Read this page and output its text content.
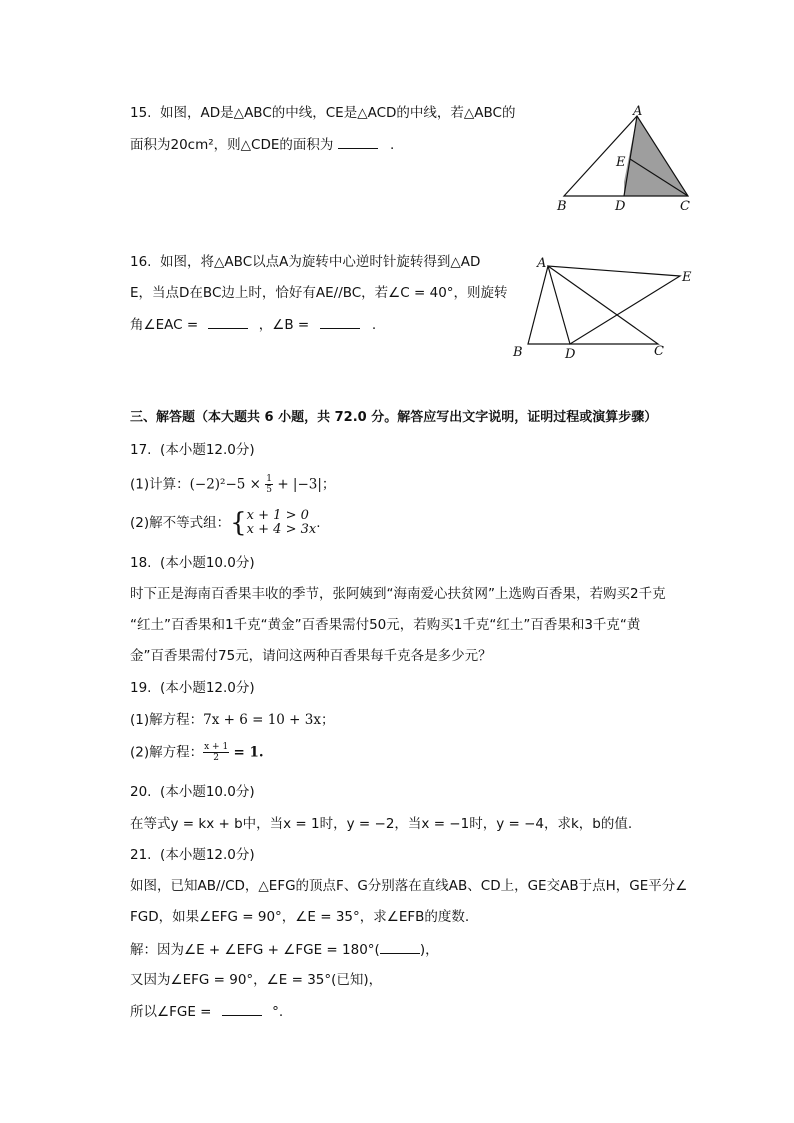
15.  如图，AD是△ABC的中线，CE是△ACD的中线，若△ABC的
面积为20cm²，则△CDE的面积为	.
A
E
B	D	C
16.  如图，将△ABC以点A为旋转中心逆时针旋转得到△AD
E，当点D在BC边上时，恰好有AE//BC，若∠C = 40°，则旋转
角∠EAC =	，∠B =	.
A
E
B	D	C
三、解答题（本大题共 6 小题，共 72.0 分。解答应写出文字说明，证明过程或演算步骤）
17.  (本小题12.0分)
(1)计算：$(-2)^2-5 \times \frac{1}{5} + |-3|$；
(2)解不等式组：{ x + 1 > 0
x + 4 > 3x .
18.  (本小题10.0分)
时下正是海南百香果丰收的季节，张阿姨到“海南爱心扶贫网”上选购百香果，若购买2千克
“红土”百香果和1千克“黄金”百香果需付50元，若购买1千克“红土”百香果和3千克“黄
金”百香果需付75元，请问这两种百香果每千克各是多少元？
19.  (本小题12.0分)
(1)解方程：7x + 6 = 10 + 3x；
(2)解方程： $\frac{x + 1}{2} = 1$.
20.  (本小题10.0分)
在等式y = kx + b中，当x = 1时，y = −2，当x = −1时，y = −4，求k，b的值.
21.  (本小题12.0分)
如图，已知AB//CD，△EFG的顶点F、G分别落在直线AB、CD上，GE交AB于点H，GE平分∠
FGD，如果∠EFG = 90°，∠E = 35°，求∠EFB的度数.
解：因为∠E + ∠EFG + ∠FGE = 180°(	)，
又因为∠EFG = 90°，∠E = 35°(已知)，
所以∠FGE =	°.
